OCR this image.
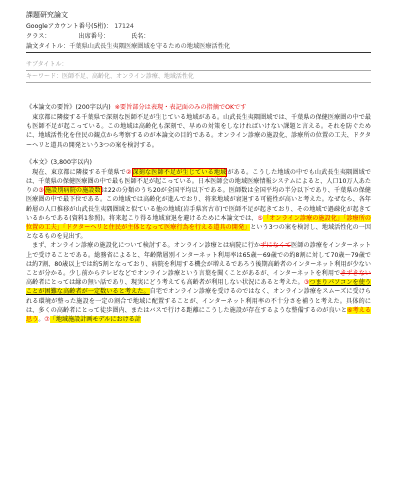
課題研究論文
Googleアカウント番号(5桁)： 17124
クラス：　　　　　	出席番号：　　　　	氏名：
論文タイトル：千葉県山武長生夷隅医療圏域を守るための地域医療活性化
サブタイトル：
キーワード：医師不足、高齢化、オンライン診療、地域活性化
《本論文の要旨》(200字以内) ※要旨部分は表現・表記面のみの指摘でOKです
東京都に隣接する千葉県で深刻な医師不足が生じている地域がある。山武長生夷隅圏域では、千葉県の保健医療圏の中で最も医師不足が起こっている。この地域は高齢化も深刻で、早めの対策をしなければいけない課題と言える。それを防ぐために、地域活性化を住民の観点から考察するのが本論文の目的である。オンライン診療の施設化、診療所の位置の工夫、ドクターヘリと道具の開発という3つの案を検討する。
《本文》(3,800字以内)
現在、東京都に隣接する千葉県で②深刻な医師不足が生じている地域がある。こうした地域の中でも山武長生夷隅圏域では、千葉県の保健医療圏の中で最も医師不足が起こっている。日本医師会の地域医療情報システムによると、人口10万人あたりの③施設別病院の施設数は22の分類のうち20が全国平均以下である。医師数は全国平均の半分以下であり、千葉県の保健医療圏の中で最下位である。この地域では高齢化が進んでおり、将来地域が衰退する可能性が高いと考えた。なぜなら、各年齢層の人口推移が山武長生夷隅圏域と似ている他の地域(岩手県宮古市)で医師不足が起きており、その地域で過疎化が起きているからである(資料1参照)。将来起こり得る地域衰退を避けるために本論文では、⑤「オンライン診療の施設化」「診療所の位置の工夫」「ドクターヘリと住民が主体となって医療行為を行える道具の開発」という3つの案を検討し、地域活性化の一因となるものを見出す。
まず、オンライン診療の施設化について検討する。オンライン診療とは病院に行かずになくて医師の診療をインターネット上で受けることである。総務省によると、年齢階層別インターネット利用率は65歳～69歳での約8割に対して70歳～79歳では約7割、80歳以上では約5割となっており、病院を利用する機会が増えるであろう後期高齢者のインターネット利用が少ないことが分かる。少し前からテレビなどでオンライン診療という言葉を聞くことがあるが、インターネットを利用できずきない高齢者にとっては縁の無い話であり、現実にどう考えても高齢者が利用しない状況にあると考えた。③つまりパソコンを使うことが困難な高齢者が一定数いると考えた。自宅でオンライン診療を受けるのではなく、オンライン診療をスムーズに受けられる環境が整った施設を一定の割合で地域に配置することが、インターネット利用率の不十分さを補うと考えた。具体的には、多くの高齢者にとって徒歩圏内、またはバスで行ける距離にこうした施設が存在するような整備するのが良いと⑥考える思う。⑦「地域施設計画モデルにおける計
